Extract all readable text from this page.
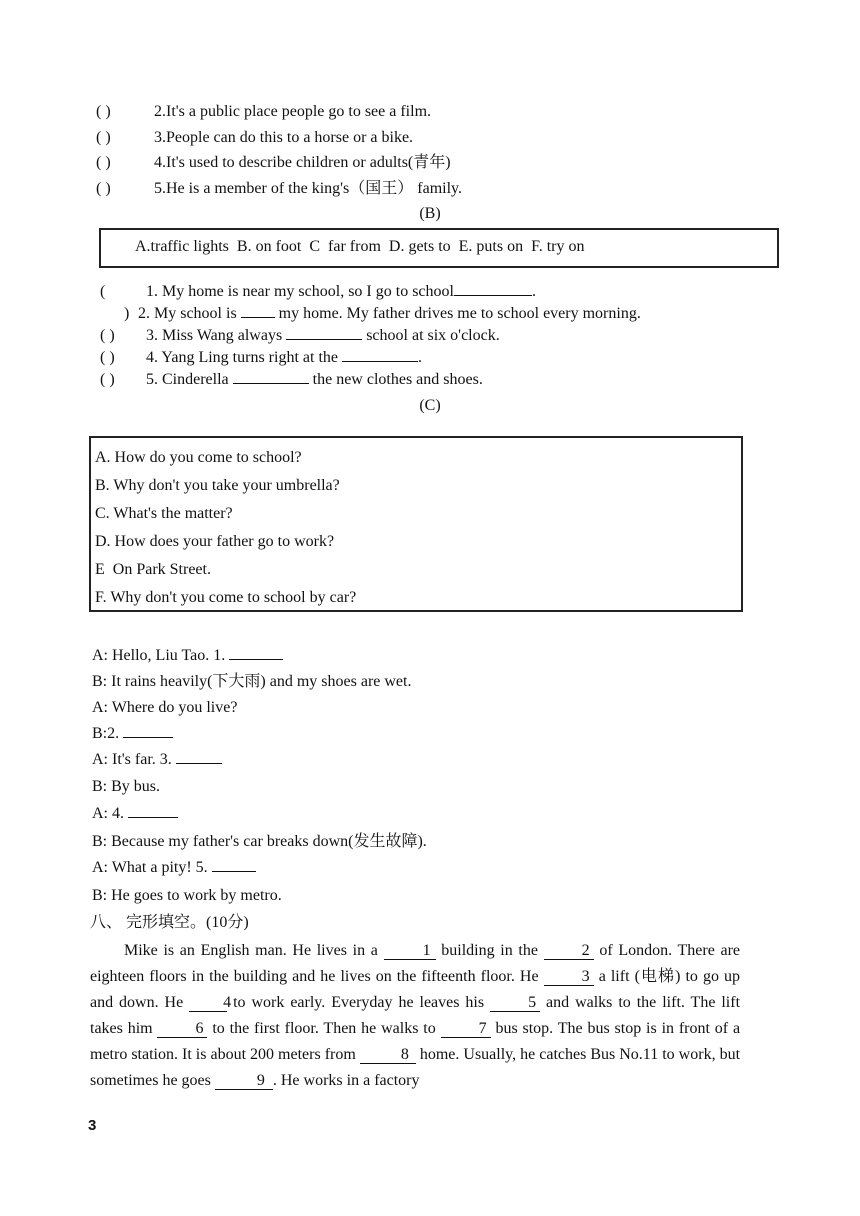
( )	2.It's a public place people go to see a film.
( )	3.People can do this to a horse or a bike.
( )	4.It's used to describe children or adults(青年)
( )	5.He is a member of the king's（国王） family.
(B)
A.traffic lights  B. on foot  C  far from  D. gets to  E. puts on  F. try on
(	1. My home is near my school, so I go to school	.
) 2. My school is	my home. My father drives me to school every morning.
( ) 3. Miss Wang always	school at six o'clock.
( ) 4. Yang Ling turns right at the	.
( ) 5. Cinderella	the new clothes and shoes.
(C)
A. How do you come to school?
B. Why don't you take your umbrella?
C. What's the matter?
D. How does your father go to work?
E  On Park Street.
F. Why don't you come to school by car?
A: Hello, Liu Tao. 1.
B: It rains heavily(下大雨) and my shoes are wet.
A: Where do you live?
B:2.
A: It's far. 3.
B: By bus.
A: 4.
B: Because my father's car breaks down(发生故障).
A: What a pity! 5.
B: He goes to work by metro.
八、 完形填空。(10分)
Mike is an English man. He lives in a	1 building in the	2 of London. There are eighteen floors in the building and he lives on the fifteenth floor. He	3 a lift (电梯) to go up and down. He 4 to work early. Everyday he leaves his	5 and walks to the lift. The lift takes him	6 to the first floor. Then he walks to	7 bus stop. The bus stop is in front of a metro station. It is about 200 meters from	8 home. Usually, he catches Bus No.11 to work, but sometimes he goes	9 . He works in a factory
3
